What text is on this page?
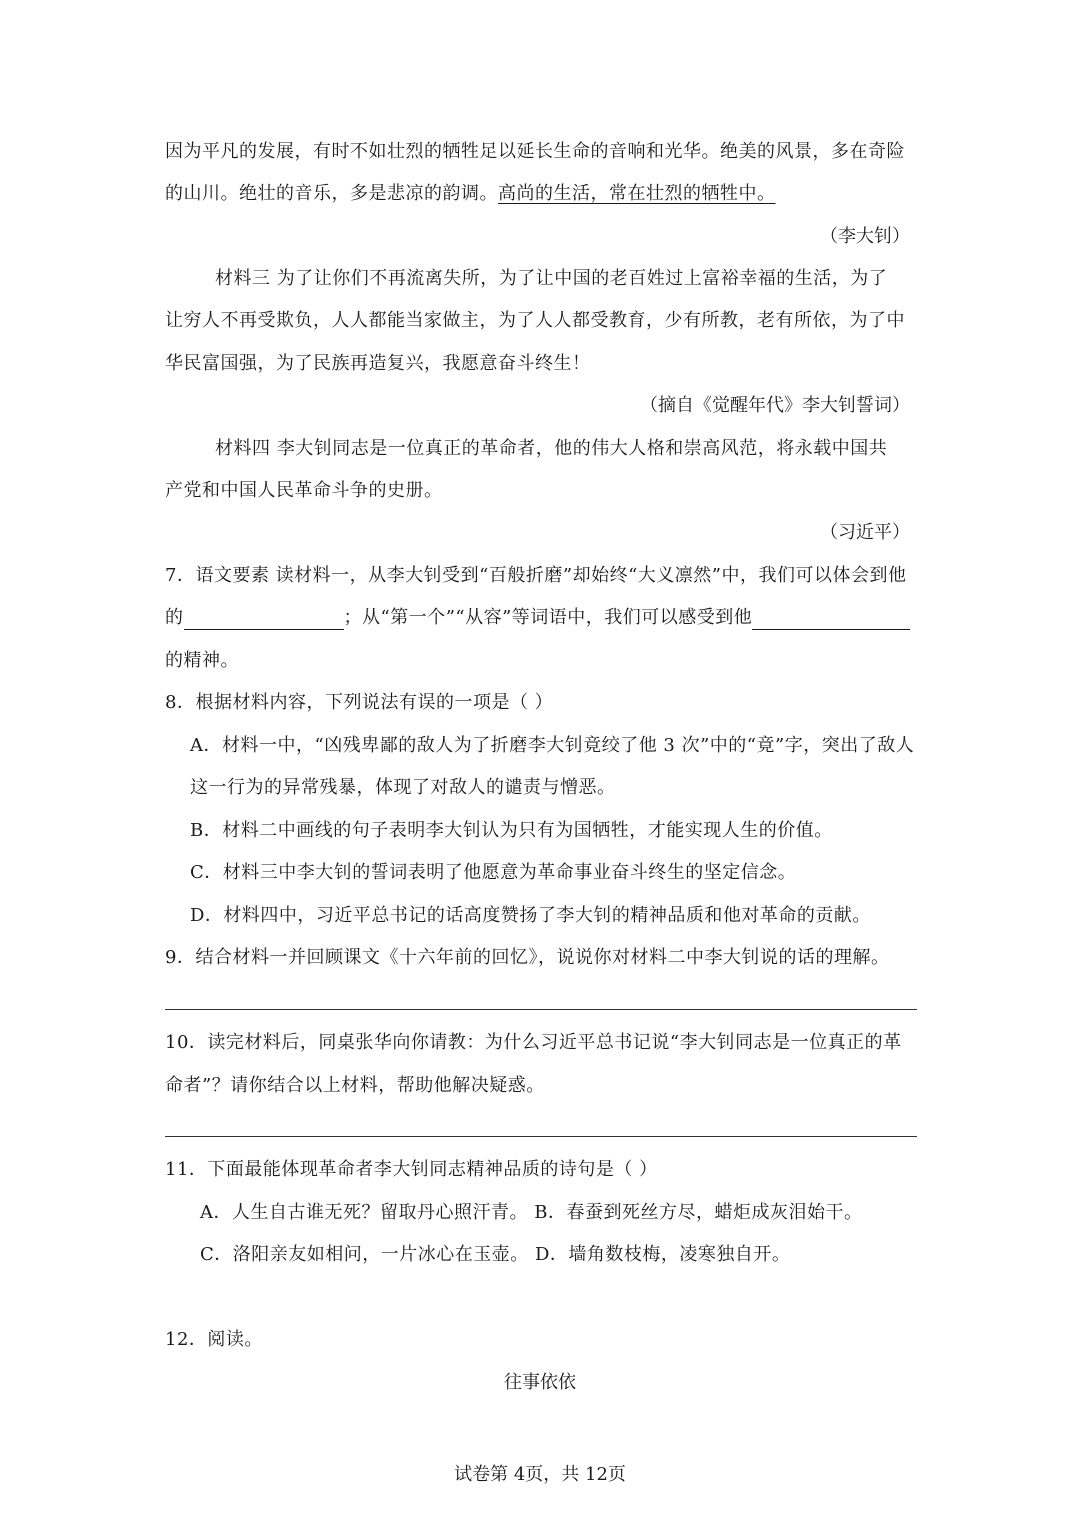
因为平凡的发展，有时不如壮烈的牺牲足以延长生命的音响和光华。绝美的风景，多在奇险
的山川。绝壮的音乐，多是悲凉的韵调。高尚的生活，常在壮烈的牺牲中。
（李大钊）
材料三 为了让你们不再流离失所，为了让中国的老百姓过上富裕幸福的生活，为了
让穷人不再受欺负，人人都能当家做主，为了人人都受教育，少有所教，老有所依，为了中
华民富国强，为了民族再造复兴，我愿意奋斗终生！
（摘自《觉醒年代》李大钊誓词）
材料四 李大钊同志是一位真正的革命者，他的伟大人格和崇高风范，将永载中国共
产党和中国人民革命斗争的史册。
（习近平）
7．语文要素 读材料一，从李大钊受到“百般折磨”却始终“大义凛然”中，我们可以体会到他
的	；从“第一个”“从容”等词语中，我们可以感受到他
的精神。
8．根据材料内容，下列说法有误的一项是（ ）
A．材料一中，“凶残卑鄙的敌人为了折磨李大钊竟绞了他 3 次”中的“竟”字，突出了敌人
这一行为的异常残暴，体现了对敌人的谴责与憎恶。
B．材料二中画线的句子表明李大钊认为只有为国牺牲，才能实现人生的价值。
C．材料三中李大钊的誓词表明了他愿意为革命事业奋斗终生的坚定信念。
D．材料四中，习近平总书记的话高度赞扬了李大钊的精神品质和他对革命的贡献。
9．结合材料一并回顾课文《十六年前的回忆》，说说你对材料二中李大钊说的话的理解。
10．读完材料后，同桌张华向你请教：为什么习近平总书记说“李大钊同志是一位真正的革
命者”？请你结合以上材料，帮助他解决疑惑。
11．下面最能体现革命者李大钊同志精神品质的诗句是（ ）
A．人生自古谁无死？留取丹心照汗青。 B．春蚕到死丝方尽，蜡炬成灰泪始干。
C．洛阳亲友如相问，一片冰心在玉壶。 D．墙角数枝梅，凌寒独自开。
12．阅读。
往事依依
试卷第 4页，共 12页
